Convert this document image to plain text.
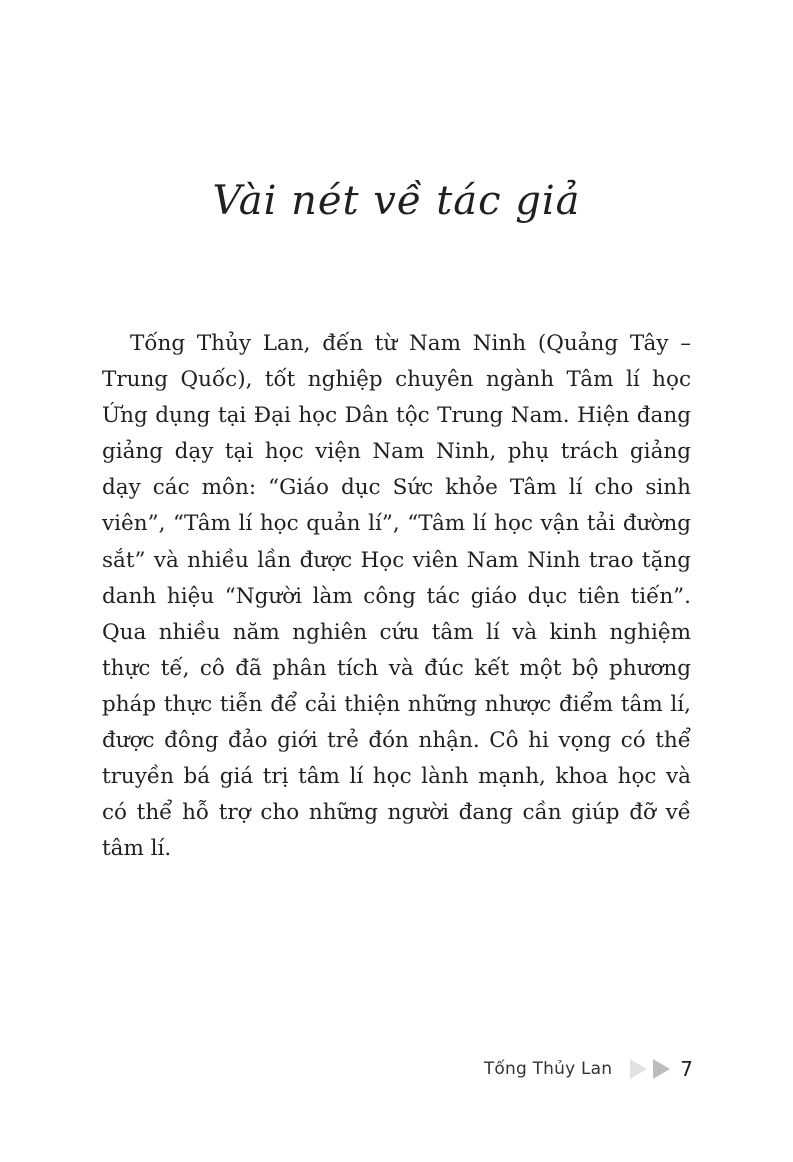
Vài nét về tác giả

Tống Thủy Lan, đến từ Nam Ninh (Quảng Tây – Trung Quốc), tốt nghiệp chuyên ngành Tâm lí học Ứng dụng tại Đại học Dân tộc Trung Nam. Hiện đang giảng dạy tại học viện Nam Ninh, phụ trách giảng dạy các môn: “Giáo dục Sức khỏe Tâm lí cho sinh viên”, “Tâm lí học quản lí”, “Tâm lí học vận tải đường sắt” và nhiều lần được Học viên Nam Ninh trao tặng danh hiệu “Người làm công tác giáo dục tiên tiến”. Qua nhiều năm nghiên cứu tâm lí và kinh nghiệm thực tế, cô đã phân tích và đúc kết một bộ phương pháp thực tiễn để cải thiện những nhược điểm tâm lí, được đông đảo giới trẻ đón nhận. Cô hi vọng có thể truyền bá giá trị tâm lí học lành mạnh, khoa học và có thể hỗ trợ cho những người đang cần giúp đỡ về tâm lí.

Tống Thủy Lan	7
